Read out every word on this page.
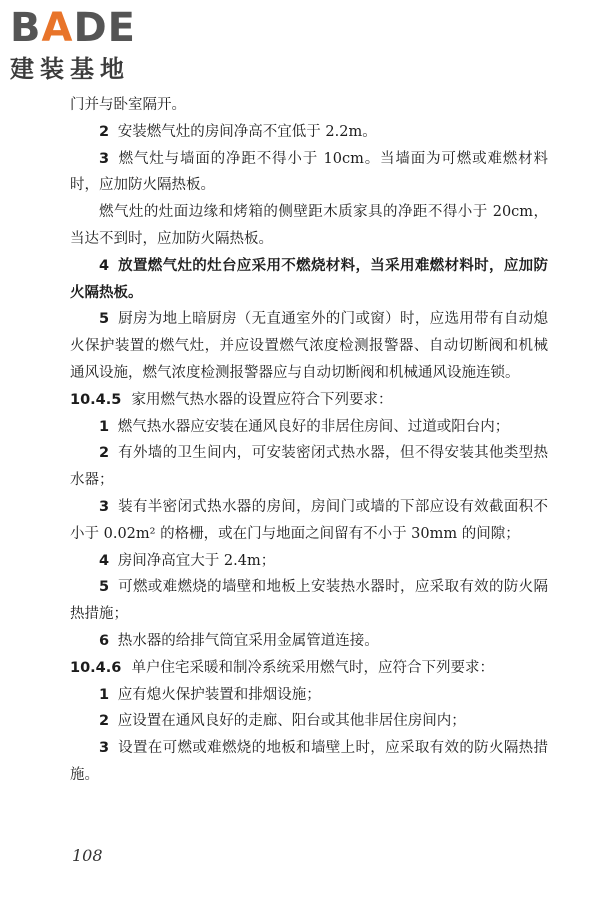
BADE
建装基地

门并与卧室隔开。

2 安装燃气灶的房间净高不宜低于 2.2m。

3 燃气灶与墙面的净距不得小于 10cm。当墙面为可燃或难燃材料时，应加防火隔热板。

燃气灶的灶面边缘和烤箱的侧壁距木质家具的净距不得小于 20cm，当达不到时，应加防火隔热板。

4 放置燃气灶的灶台应采用不燃烧材料，当采用难燃材料时，应加防火隔热板。

5 厨房为地上暗厨房（无直通室外的门或窗）时，应选用带有自动熄火保护装置的燃气灶，并应设置燃气浓度检测报警器、自动切断阀和机械通风设施，燃气浓度检测报警器应与自动切断阀和机械通风设施连锁。

10.4.5 家用燃气热水器的设置应符合下列要求：

1 燃气热水器应安装在通风良好的非居住房间、过道或阳台内；

2 有外墙的卫生间内，可安装密闭式热水器，但不得安装其他类型热水器；

3 装有半密闭式热水器的房间，房间门或墙的下部应设有效截面积不小于 0.02m² 的格栅，或在门与地面之间留有不小于 30mm 的间隙；

4 房间净高宜大于 2.4m；

5 可燃或难燃烧的墙壁和地板上安装热水器时，应采取有效的防火隔热措施；

6 热水器的给排气筒宜采用金属管道连接。

10.4.6 单户住宅采暖和制冷系统采用燃气时，应符合下列要求：

1 应有熄火保护装置和排烟设施；

2 应设置在通风良好的走廊、阳台或其他非居住房间内；

3 设置在可燃或难燃烧的地板和墙壁上时，应采取有效的防火隔热措施。

108
